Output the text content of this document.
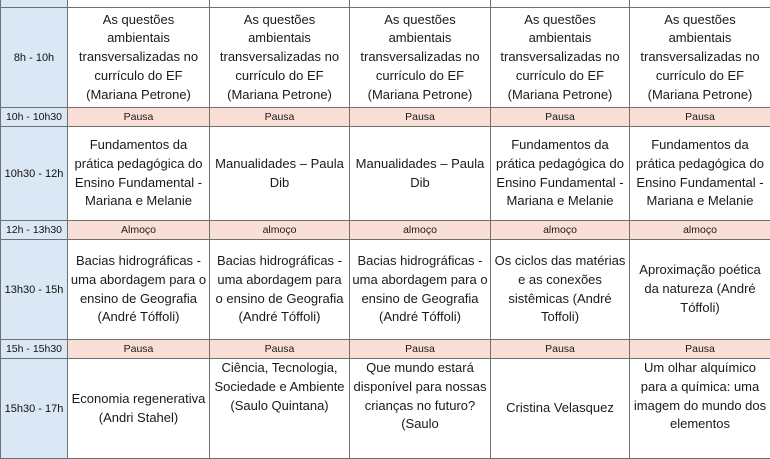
8h - 10h	As questões ambientais transversalizadas no currículo do EF (Mariana Petrone)	As questões ambientais transversalizadas no currículo do EF (Mariana Petrone)	As questões ambientais transversalizadas no currículo do EF (Mariana Petrone)	As questões ambientais transversalizadas no currículo do EF (Mariana Petrone)	As questões ambientais transversalizadas no currículo do EF (Mariana Petrone)
10h - 10h30	Pausa	Pausa	Pausa	Pausa	Pausa
10h30 - 12h	Fundamentos da prática pedagógica do Ensino Fundamental - Mariana e Melanie	Manualidades – Paula Dib	Manualidades – Paula Dib	Fundamentos da prática pedagógica do Ensino Fundamental - Mariana e Melanie	Fundamentos da prática pedagógica do Ensino Fundamental - Mariana e Melanie
12h - 13h30	Almoço	almoço	almoço	almoço	almoço
13h30 - 15h	Bacias hidrográficas - uma abordagem para o ensino de Geografia (André Tóffoli)	Bacias hidrográficas - uma abordagem para o ensino de Geografia (André Tóffoli)	Bacias hidrográficas - uma abordagem para o ensino de Geografia (André Tóffoli)	Os ciclos das matérias e as conexões sistêmicas (André Toffoli)	Aproximação poética da natureza (André Tóffoli)
15h - 15h30	Pausa	Pausa	Pausa	Pausa	Pausa
15h30 - 17h	Economia regenerativa (Andri Stahel)	Ciência, Tecnologia, Sociedade e Ambiente (Saulo Quintana)	Que mundo estará disponível para nossas crianças no futuro? (Saulo	Cristina Velasquez	Um olhar alquímico para a química: uma imagem do mundo dos elementos
